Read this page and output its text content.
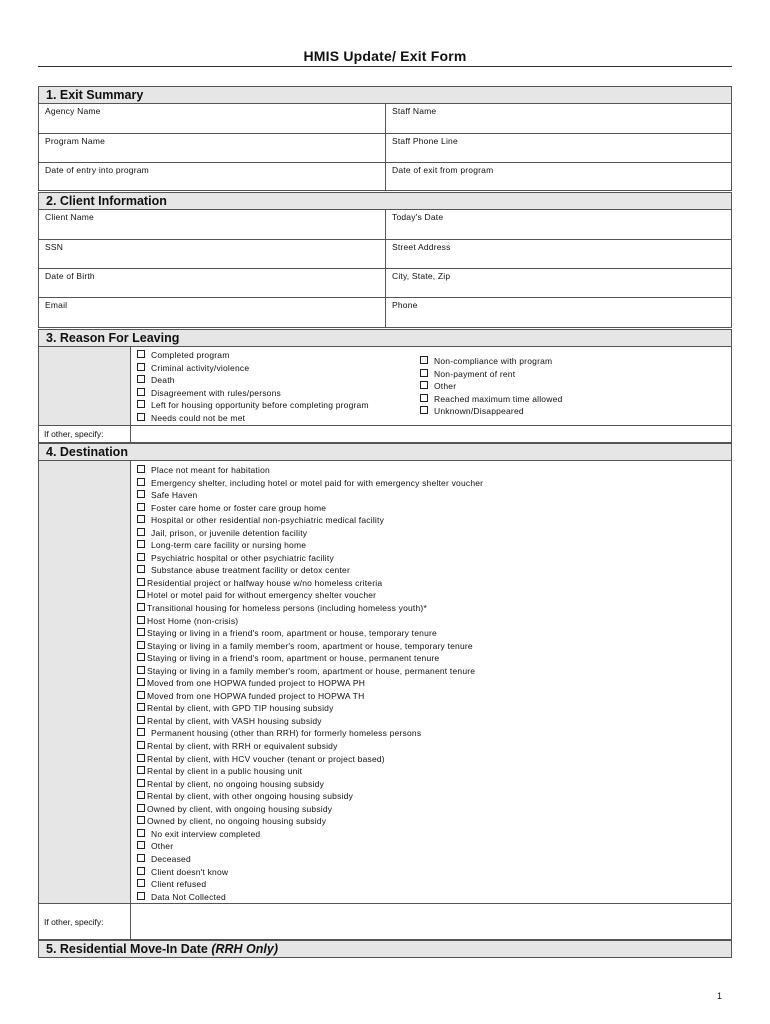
HMIS Update/ Exit Form
1. Exit Summary
Agency Name	Staff Name
Program Name	Staff Phone Line
Date of entry into program	Date of exit from program
2. Client Information
Client Name	Today's Date
SSN	Street Address
Date of Birth	City, State, Zip
Email	Phone
3. Reason For Leaving
Completed program
Criminal activity/violence
Death
Disagreement with rules/persons
Left for housing opportunity before completing program
Needs could not be met
Non-compliance with program
Non-payment of rent
Other
Reached maximum time allowed
Unknown/Disappeared
If other, specify:
4. Destination
Place not meant for habitation
Emergency shelter, including hotel or motel paid for with emergency shelter voucher
Safe Haven
Foster care home or foster care group home
Hospital or other residential non-psychiatric medical facility
Jail, prison, or juvenile detention facility
Long-term care facility or nursing home
Psychiatric hospital or other psychiatric facility
Substance abuse treatment facility or detox center
Residential project or halfway house w/no homeless criteria
Hotel or motel paid for without emergency shelter voucher
Transitional housing for homeless persons (including homeless youth)*
Host Home (non-crisis)
Staying or living in a friend's room, apartment or house, temporary tenure
Staying or living in a family member's room, apartment or house, temporary tenure
Staying or living in a friend's room, apartment or house, permanent tenure
Staying or living in a family member's room, apartment or house, permanent tenure
Moved from one HOPWA funded project to HOPWA PH
Moved from one HOPWA funded project to HOPWA TH
Rental by client, with GPD TIP housing subsidy
Rental by client, with VASH housing subsidy
Permanent housing (other than RRH) for formerly homeless persons
Rental by client, with RRH or equivalent subsidy
Rental by client, with HCV voucher (tenant or project based)
Rental by client in a public housing unit
Rental by client, no ongoing housing subsidy
Rental by client, with other ongoing housing subsidy
Owned by client, with ongoing housing subsidy
Owned by client, no ongoing housing subsidy
No exit interview completed
Other
Deceased
Client doesn't know
Client refused
Data Not Collected
If other, specify:
5. Residential Move-In Date (RRH Only)
1
